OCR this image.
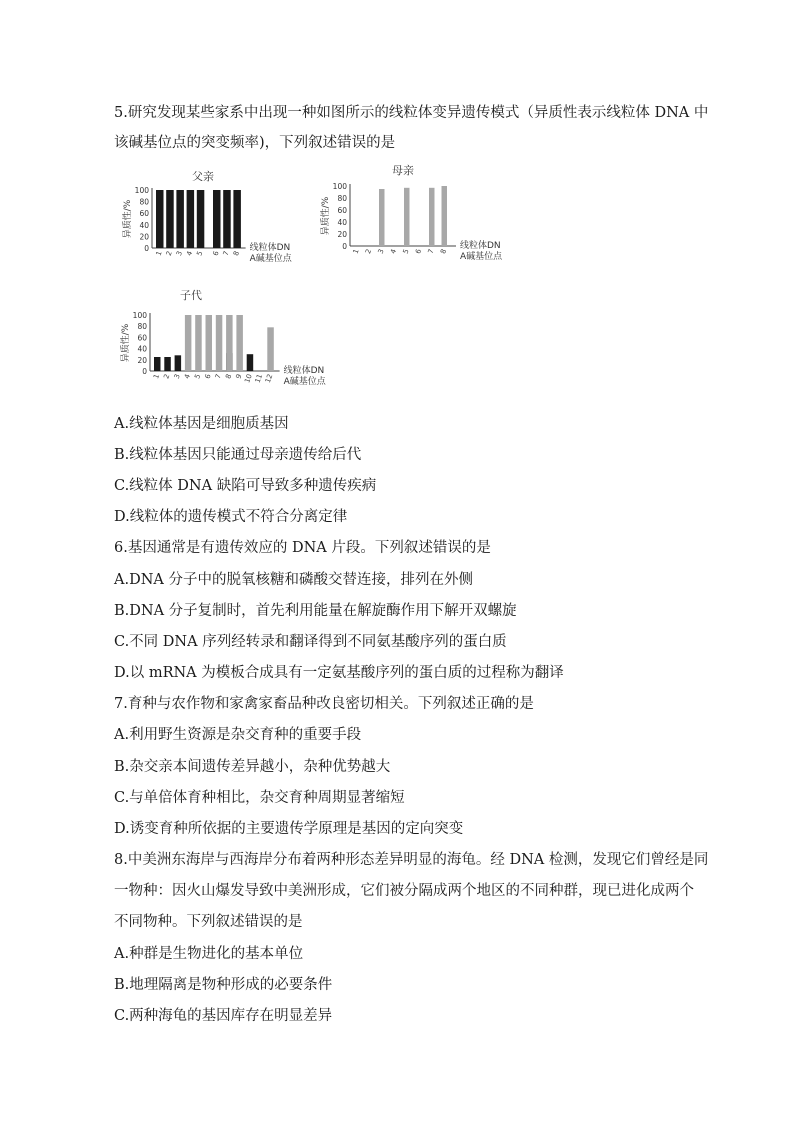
5.研究发现某些家系中出现一种如图所示的线粒体变异遗传模式（异质性表示线粒体 DNA 中
该碱基位点的突变频率)，下列叙述错误的是
父亲
异质性/%
100
80
60
40
20
0
1 2 3 4 5 6 7 8
线粒体DN
A碱基位点
母亲
异质性/%
100
80
60
40
20
0
1 2 3 4 5 6 7 8
线粒体DN
A碱基位点
子代
异质性/%
100
80
60
40
20
0
1 2 3 4 5 6 7 8 9 10 11 12
线粒体DN
A碱基位点
A.线粒体基因是细胞质基因
B.线粒体基因只能通过母亲遗传给后代
C.线粒体 DNA 缺陷可导致多种遗传疾病
D.线粒体的遗传模式不符合分离定律
6.基因通常是有遗传效应的 DNA 片段。下列叙述错误的是
A.DNA 分子中的脱氧核糖和磷酸交替连接，排列在外侧
B.DNA 分子复制时，首先利用能量在解旋酶作用下解开双螺旋
C.不同 DNA 序列经转录和翻译得到不同氨基酸序列的蛋白质
D.以 mRNA 为模板合成具有一定氨基酸序列的蛋白质的过程称为翻译
7.育种与农作物和家禽家畜品种改良密切相关。下列叙述正确的是
A.利用野生资源是杂交育种的重要手段
B.杂交亲本间遗传差异越小，杂种优势越大
C.与单倍体育种相比，杂交育种周期显著缩短
D.诱变育种所依据的主要遗传学原理是基因的定向突变
8.中美洲东海岸与西海岸分布着两种形态差异明显的海龟。经 DNA 检测，发现它们曾经是同
一物种：因火山爆发导致中美洲形成，它们被分隔成两个地区的不同种群，现已进化成两个
不同物种。下列叙述错误的是
A.种群是生物进化的基本单位
B.地理隔离是物种形成的必要条件
C.两种海龟的基因库存在明显差异
